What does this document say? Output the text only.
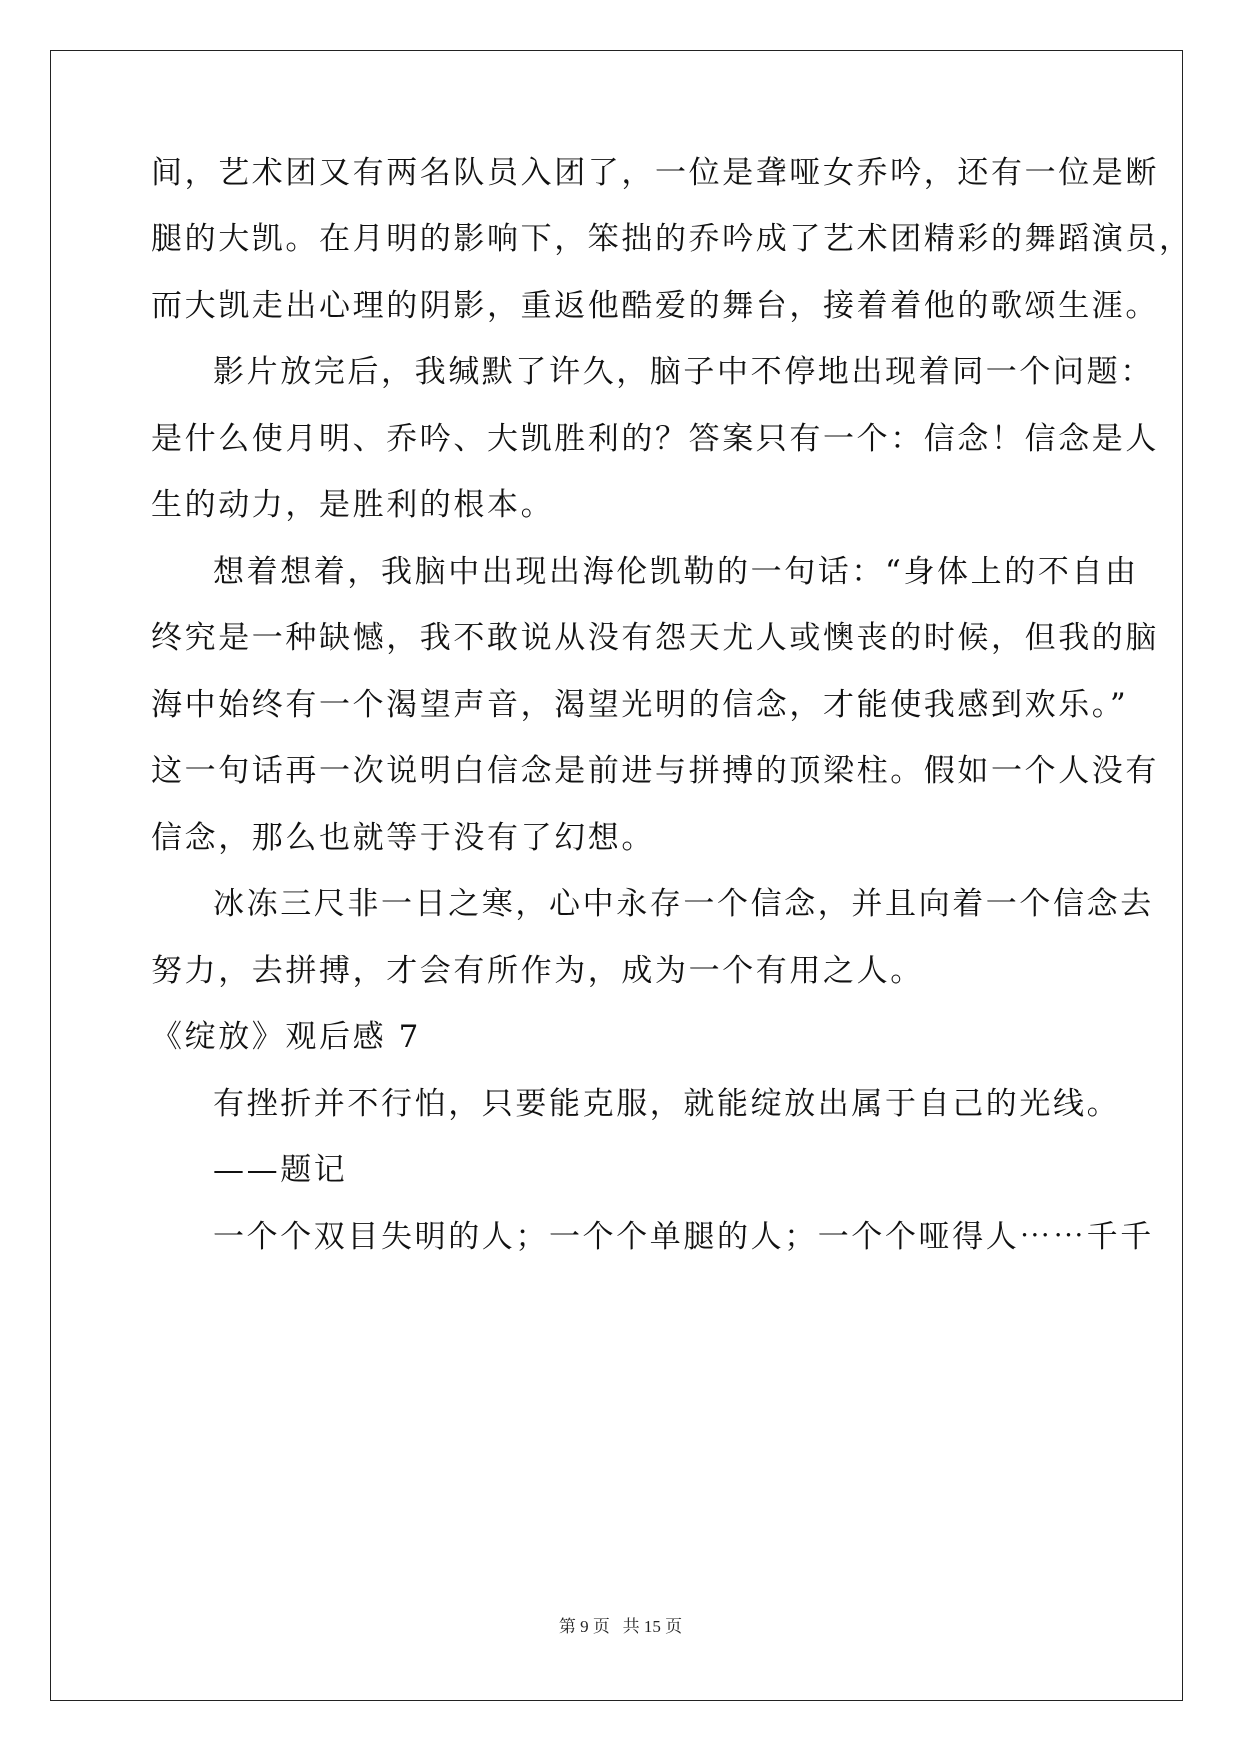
间，艺术团又有两名队员入团了，一位是聋哑女乔吟，还有一位是断
腿的大凯。在月明的影响下，笨拙的乔吟成了艺术团精彩的舞蹈演员，
而大凯走出心理的阴影，重返他酷爱的舞台，接着着他的歌颂生涯。
影片放完后，我缄默了许久，脑子中不停地出现着同一个问题：
是什么使月明、乔吟、大凯胜利的？答案只有一个：信念！信念是人
生的动力，是胜利的根本。
想着想着，我脑中出现出海伦凯勒的一句话：“身体上的不自由
终究是一种缺憾，我不敢说从没有怨天尤人或懊丧的时候，但我的脑
海中始终有一个渴望声音，渴望光明的信念，才能使我感到欢乐。”
这一句话再一次说明白信念是前进与拼搏的顶梁柱。假如一个人没有
信念，那么也就等于没有了幻想。
冰冻三尺非一日之寒，心中永存一个信念，并且向着一个信念去
努力，去拼搏，才会有所作为，成为一个有用之人。
《绽放》观后感 7
有挫折并不行怕，只要能克服，就能绽放出属于自己的光线。
——题记
一个个双目失明的人；一个个单腿的人；一个个哑得人⋯⋯千千
第 9 页 共 15 页
